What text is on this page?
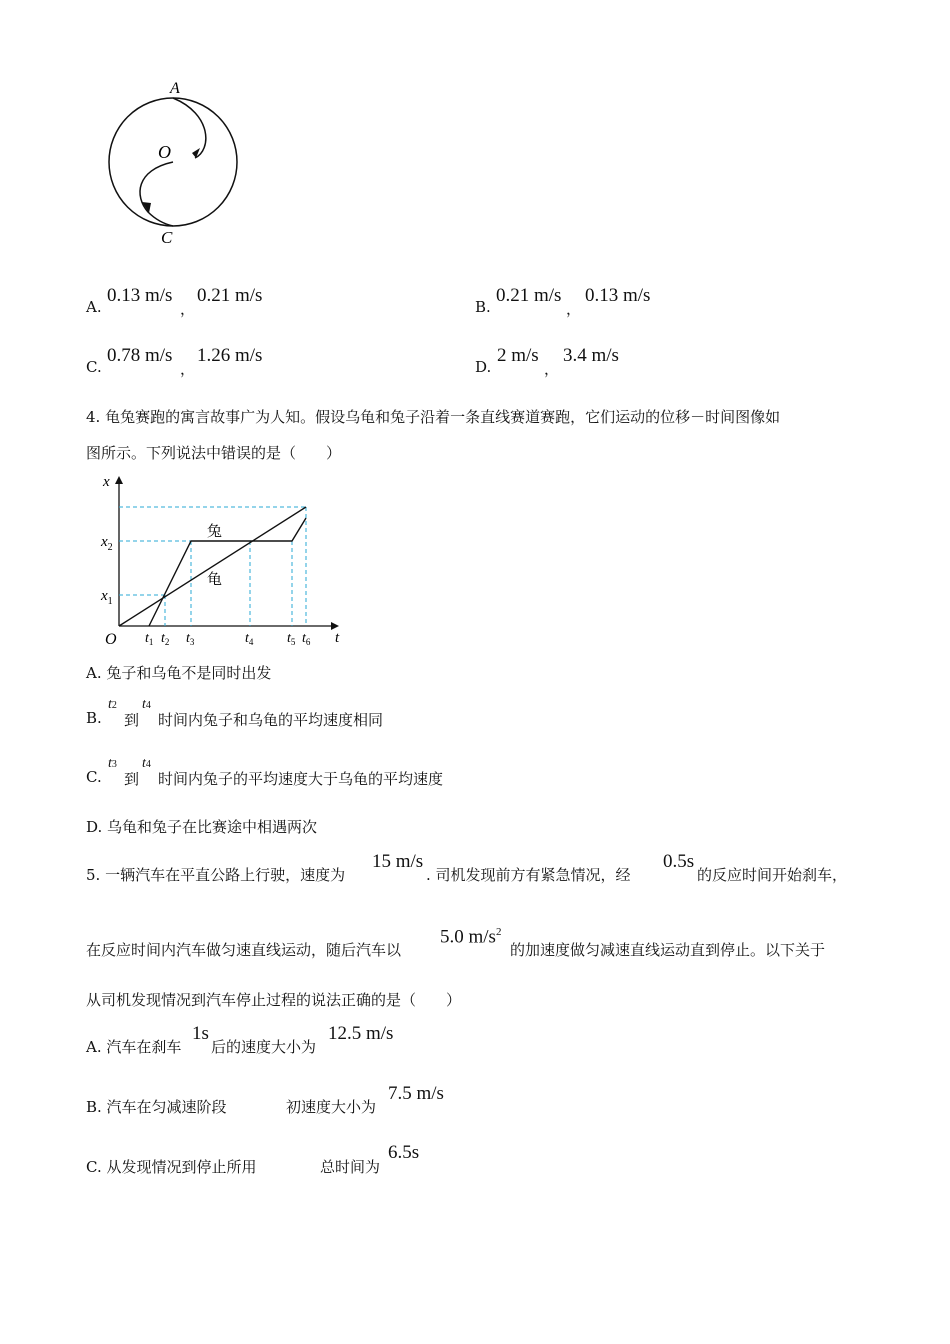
A
O
C
A.
0.13 m/s
，
0.21 m/s
B.
0.21 m/s
，
0.13 m/s
C.
0.78 m/s
，
1.26 m/s
D.
2 m/s
，
3.4 m/s
4. 龟兔赛跑的寓言故事广为人知。假设乌龟和兔子沿着一条直线赛道赛跑，它们运动的位移－时间图像如
图所示。下列说法中错误的是（　　）
x
t
O
$x_2$
$x_1$
$t_1$ $t_2$ $t_3$	$t_4$ $t_5$ $t_6$
兔
龟
A. 兔子和乌龟不是同时出发
B.
t2
到
t4
时间内兔子和乌龟的平均速度相同
C.
t3
到
t4
时间内兔子的平均速度大于乌龟的平均速度
D. 乌龟和兔子在比赛途中相遇两次
5. 一辆汽车在平直公路上行驶，速度为
15 m/s
. 司机发现前方有紧急情况，经
0.5s
的反应时间开始刹车，
在反应时间内汽车做匀速直线运动，随后汽车以
5.0 $m/s^2$
的加速度做匀减速直线运动直到停止。以下关于
从司机发现情况到汽车停止过程的说法正确的是（　　）
A. 汽车在刹车
1s
后的速度大小为
12.5 m/s
B. 汽车在匀减速阶段	初速度大小为
7.5 m/s
C. 从发现情况到停止所用	总时间为
6.5s
